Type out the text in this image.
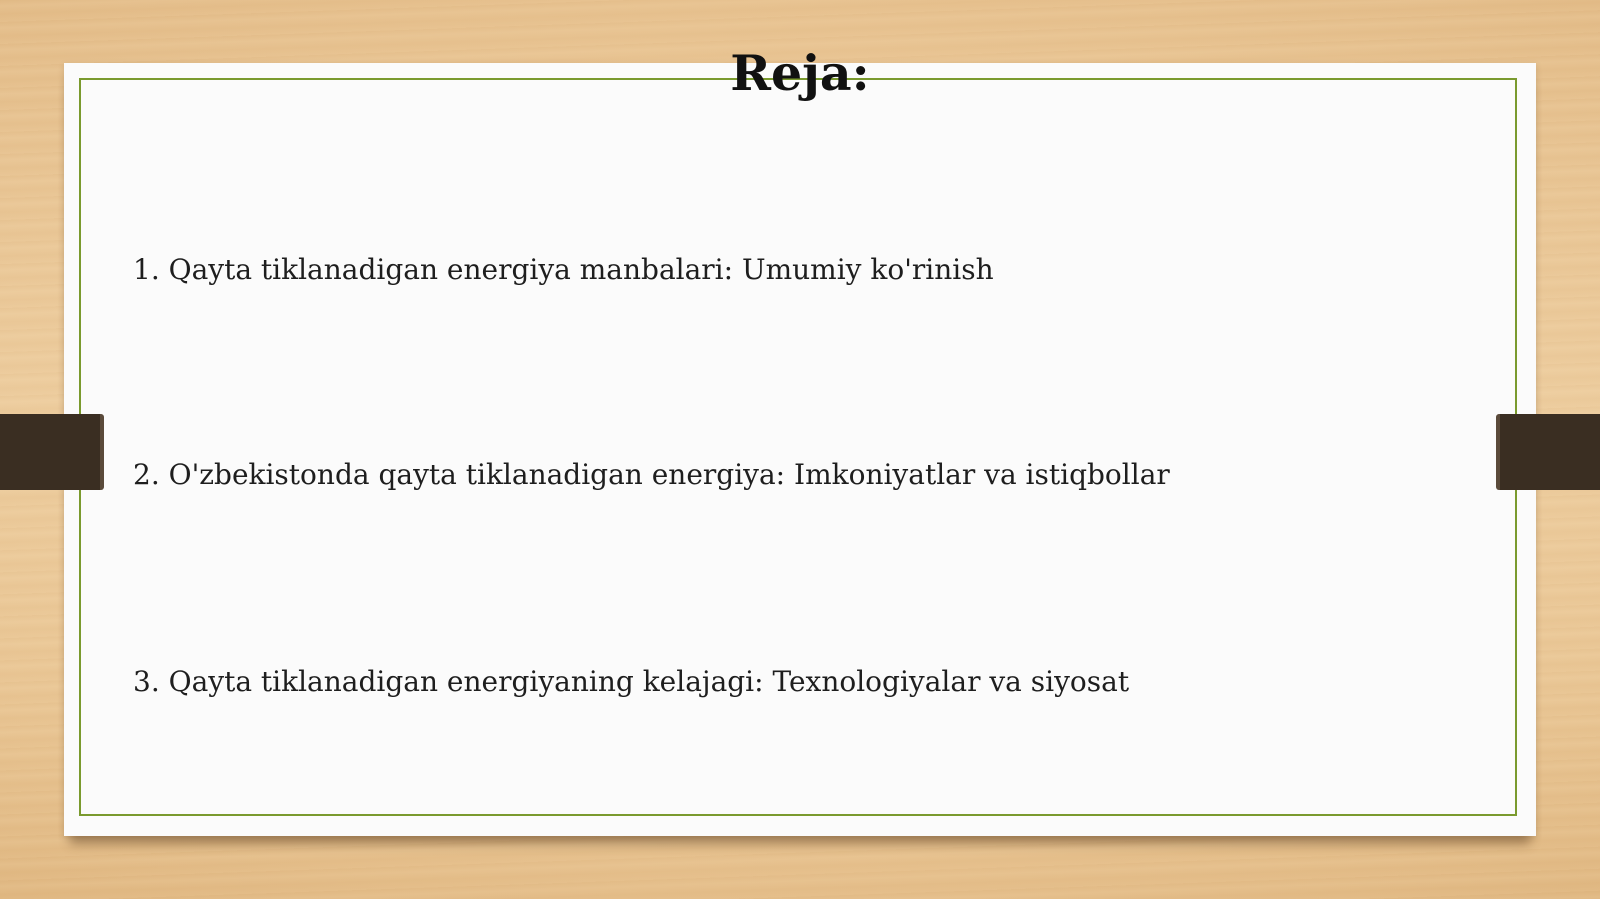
Reja:
1. Qayta tiklanadigan energiya manbalari: Umumiy ko'rinish
2. O'zbekistonda qayta tiklanadigan energiya: Imkoniyatlar va istiqbollar
3. Qayta tiklanadigan energiyaning kelajagi: Texnologiyalar va siyosat
